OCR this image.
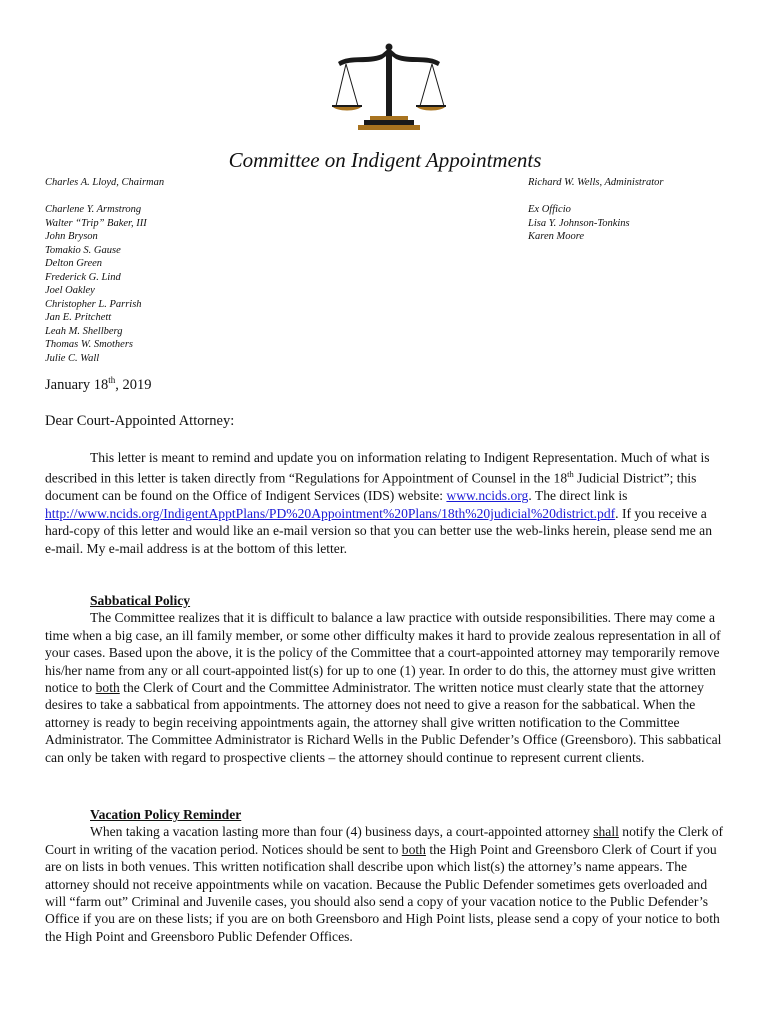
Committee on Indigent Appointments
Charles A. Lloyd, Chairman	Richard W. Wells, Administrator
Charlene Y. Armstrong
Walter “Trip” Baker, III
John Bryson
Tomakio S. Gause
Delton Green
Frederick G. Lind
Joel Oakley
Christopher L. Parrish
Jan E. Pritchett
Leah M. Shellberg
Thomas W. Smothers
Julie C. Wall
Ex Officio
Lisa Y. Johnson-Tonkins
Karen Moore
January 18th, 2019
Dear Court-Appointed Attorney:

This letter is meant to remind and update you on information relating to Indigent Representation. Much of what is described in this letter is taken directly from “Regulations for Appointment of Counsel in the 18th Judicial District”; this document can be found on the Office of Indigent Services (IDS) website: www.ncids.org. The direct link is http://www.ncids.org/IndigentApptPlans/PD%20Appointment%20Plans/18th%20judicial%20district.pdf. If you receive a hard-copy of this letter and would like an e-mail version so that you can better use the web-links herein, please send me an e-mail. My e-mail address is at the bottom of this letter.

Sabbatical Policy

The Committee realizes that it is difficult to balance a law practice with outside responsibilities. There may come a time when a big case, an ill family member, or some other difficulty makes it hard to provide zealous representation in all of your cases. Based upon the above, it is the policy of the Committee that a court-appointed attorney may temporarily remove his/her name from any or all court-appointed list(s) for up to one (1) year. In order to do this, the attorney must give written notice to both the Clerk of Court and the Committee Administrator. The written notice must clearly state that the attorney desires to take a sabbatical from appointments. The attorney does not need to give a reason for the sabbatical. When the attorney is ready to begin receiving appointments again, the attorney shall give written notification to the Committee Administrator. The Committee Administrator is Richard Wells in the Public Defender’s Office (Greensboro). This sabbatical can only be taken with regard to prospective clients – the attorney should continue to represent current clients.

Vacation Policy Reminder

When taking a vacation lasting more than four (4) business days, a court-appointed attorney shall notify the Clerk of Court in writing of the vacation period. Notices should be sent to both the High Point and Greensboro Clerk of Court if you are on lists in both venues. This written notification shall describe upon which list(s) the attorney’s name appears. The attorney should not receive appointments while on vacation. Because the Public Defender sometimes gets overloaded and will “farm out” Criminal and Juvenile cases, you should also send a copy of your vacation notice to the Public Defender’s Office if you are on these lists; if you are on both Greensboro and High Point lists, please send a copy of your notice to both the High Point and Greensboro Public Defender Offices.
